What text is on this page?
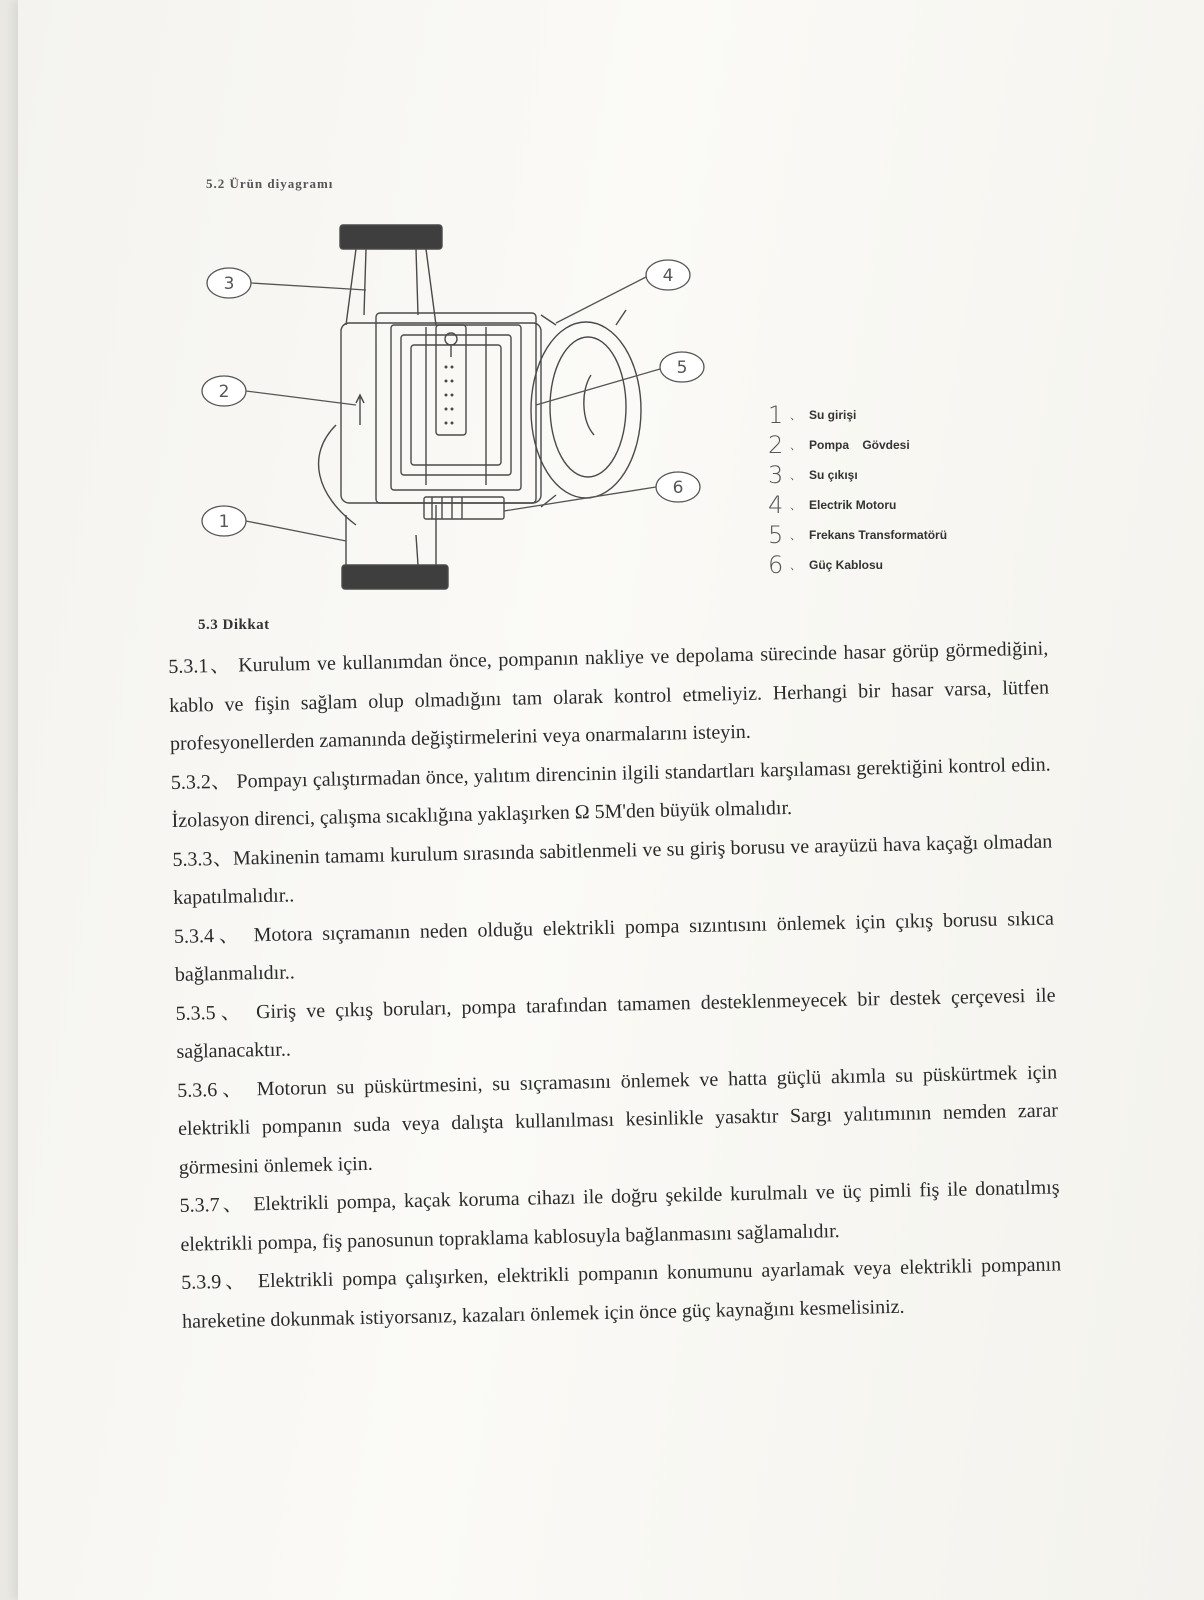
5.2 Ürün diyagramı
3
2
1
4
5
6
1 、 Su girişi
2 、 Pompa    Gövdesi
3 、 Su çıkışı
4 、 Electrik Motoru
5 、 Frekans Transformatörü
6 、 Güç Kablosu
5.3 Dikkat

5.3.1、 Kurulum ve kullanımdan önce, pompanın nakliye ve depolama sürecinde hasar görüp görmediğini, kablo ve fişin sağlam olup olmadığını tam olarak kontrol etmeliyiz. Herhangi bir hasar varsa, lütfen profesyonellerden zamanında değiştirmelerini veya onarmalarını isteyin.

5.3.2、 Pompayı çalıştırmadan önce, yalıtım direncinin ilgili standartları karşılaması gerektiğini kontrol edin. İzolasyon direnci, çalışma sıcaklığına yaklaşırken Ω 5M'den büyük olmalıdır.

5.3.3、Makinenin tamamı kurulum sırasında sabitlenmeli ve su giriş borusu ve arayüzü hava kaçağı olmadan kapatılmalıdır..

5.3.4、 Motora sıçramanın neden olduğu elektrikli pompa sızıntısını önlemek için çıkış borusu sıkıca bağlanmalıdır..

5.3.5、 Giriş ve çıkış boruları, pompa tarafından tamamen desteklenmeyecek bir destek çerçevesi ile sağlanacaktır..

5.3.6、 Motorun su püskürtmesini, su sıçramasını önlemek ve hatta güçlü akımla su püskürtmek için elektrikli pompanın suda veya dalışta kullanılması kesinlikle yasaktır Sargı yalıtımının nemden zarar görmesini önlemek için.

5.3.7、 Elektrikli pompa, kaçak koruma cihazı ile doğru şekilde kurulmalı ve üç pimli fiş ile donatılmış elektrikli pompa, fiş panosunun topraklama kablosuyla bağlanmasını sağlamalıdır.

5.3.9、 Elektrikli pompa çalışırken, elektrikli pompanın konumunu ayarlamak veya elektrikli pompanın hareketine dokunmak istiyorsanız, kazaları önlemek için önce güç kaynağını kesmelisiniz.
